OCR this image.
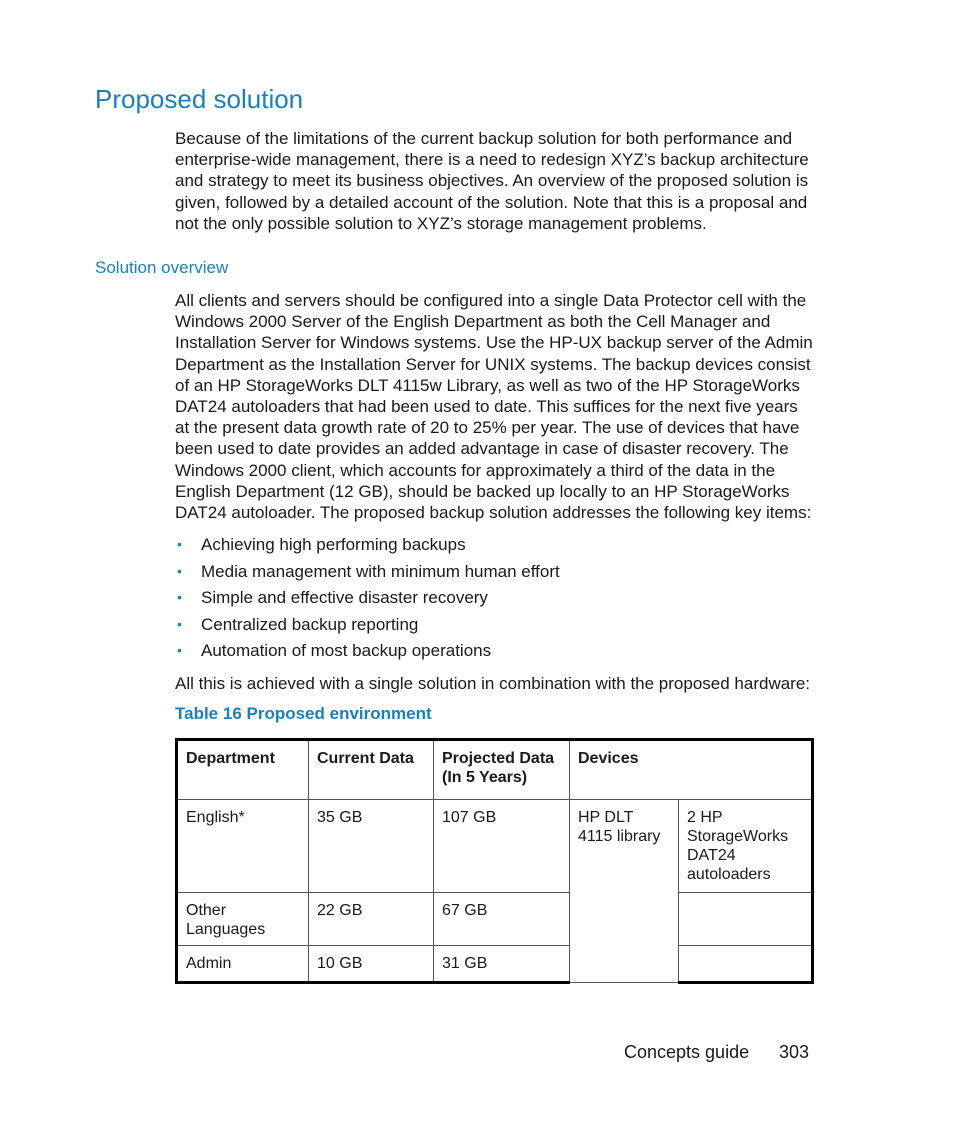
Proposed solution

Because of the limitations of the current backup solution for both performance and enterprise-wide management, there is a need to redesign XYZ’s backup architecture and strategy to meet its business objectives. An overview of the proposed solution is given, followed by a detailed account of the solution. Note that this is a proposal and not the only possible solution to XYZ’s storage management problems.

Solution overview

All clients and servers should be configured into a single Data Protector cell with the Windows 2000 Server of the English Department as both the Cell Manager and Installation Server for Windows systems. Use the HP-UX backup server of the Admin Department as the Installation Server for UNIX systems. The backup devices consist of an HP StorageWorks DLT 4115w Library, as well as two of the HP StorageWorks DAT24 autoloaders that had been used to date. This suffices for the next five years at the present data growth rate of 20 to 25% per year. The use of devices that have been used to date provides an added advantage in case of disaster recovery. The Windows 2000 client, which accounts for approximately a third of the data in the English Department (12 GB), should be backed up locally to an HP StorageWorks DAT24 autoloader. The proposed backup solution addresses the following key items:

• Achieving high performing backups
• Media management with minimum human effort
• Simple and effective disaster recovery
• Centralized backup reporting
• Automation of most backup operations

All this is achieved with a single solution in combination with the proposed hardware:

Table 16 Proposed environment

Department	Current Data	Projected Data (In 5 Years)	Devices	
English*	35 GB	107 GB	HP DLT 4115 library	2 HP StorageWorks DAT24 autoloaders
Other Languages	22 GB	67 GB		
Admin	10 GB	31 GB		
Concepts guide 303
